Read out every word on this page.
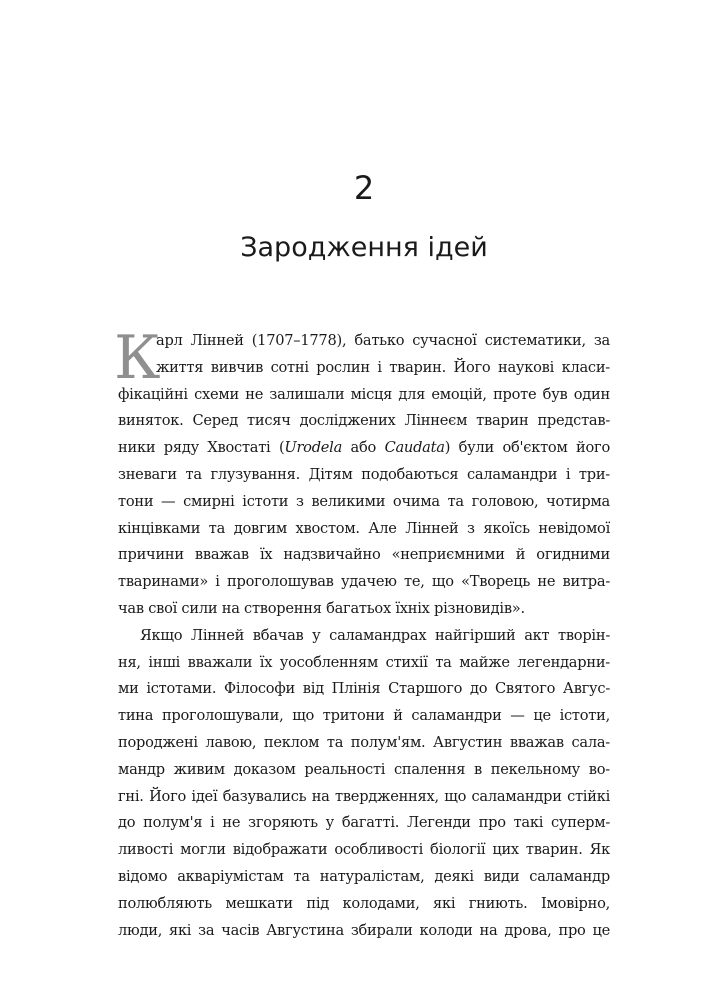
2
Зародження ідей
К
арл Лінней (1707–1778), батько сучасної систематики, за
життя вивчив сотні рослин і тварин. Його наукові класи-
фікаційні схеми не залишали місця для емоцій, проте був один
виняток. Серед тисяч досліджених Ліннеєм тварин представ-
ники ряду Хвостаті (Urodela або Caudata) були об'єктом його
зневаги та глузування. Дітям подобаються саламандри і три-
тони — смирні істоти з великими очима та головою, чотирма
кінцівками та довгим хвостом. Але Лінней з якоїсь невідомої
причини вважав їх надзвичайно «неприємними й огидними
тваринами» і проголошував удачею те, що «Творець не витра-
чав свої сили на створення багатьох їхніх різновидів».
Якщо Лінней вбачав у саламандрах найгірший акт творін-
ня, інші вважали їх уособленням стихії та майже легендарни-
ми істотами. Філософи від Плінія Старшого до Святого Авгус-
тина проголошували, що тритони й саламандри — це істоти,
породжені лавою, пеклом та полум'ям. Августин вважав сала-
мандр живим доказом реальності спалення в пекельному во-
гні. Його ідеї базувались на твердженнях, що саламандри стійкі
до полум'я і не згоряють у багатті. Легенди про такі суперм-
ливості могли відображати особливості біології цих тварин. Як
відомо акваріумістам та натуралістам, деякі види саламандр
полюбляють мешкати під колодами, які гниють. Імовірно,
люди, які за часів Августина збирали колоди на дрова, про це
